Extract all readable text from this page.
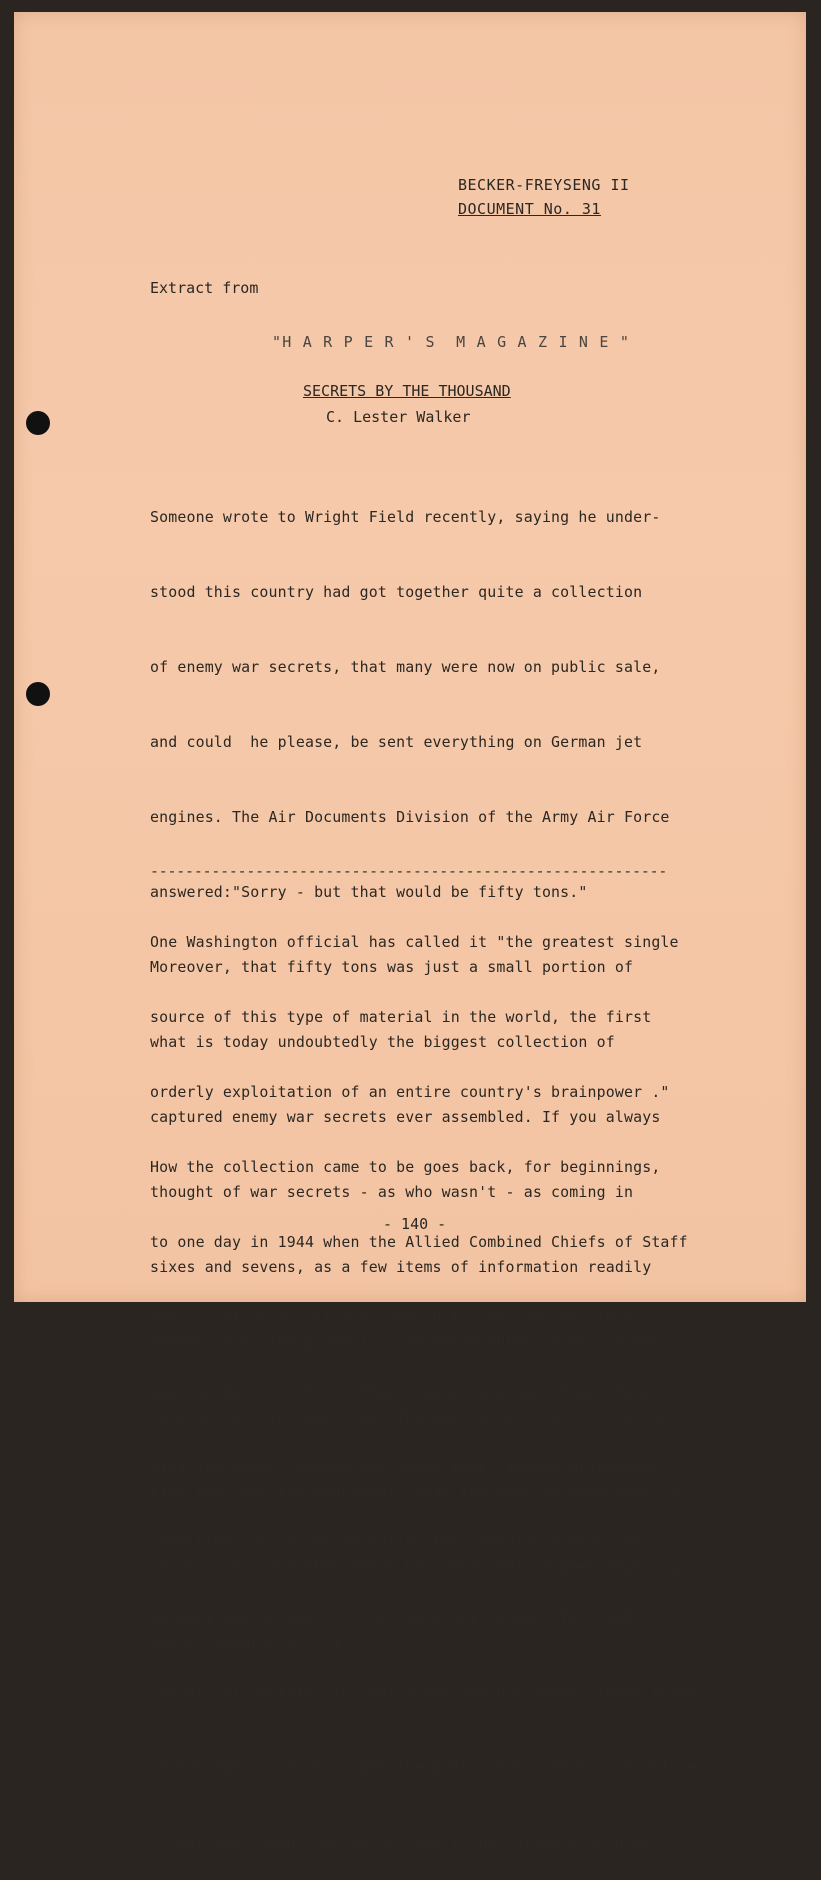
BECKER-FREYSENG II
DOCUMENT No. 31
Extract from
"H A R P E R ' S  M A G A Z I N E "
SECRETS BY THE THOUSAND
C. Lester Walker

Someone wrote to Wright Field recently, saying he under-

stood this country had got together quite a collection

of enemy war secrets, that many were now on public sale,

and could  he please, be sent everything on German jet

engines. The Air Documents Division of the Army Air Force

answered:"Sorry - but that would be fifty tons."

Moreover, that fifty tons was just a small portion of

what is today undoubtedly the biggest collection of

captured enemy war secrets ever assembled. If you always

thought of war secrets - as who wasn't - as coming in

sixes and sevens, as a few items of information readily

handed on to the properly interested authorities, it may

interest you to learn that the war secrets in this collec-

tion run into the thousands, that the mass of documents is

mountainous, and that there has never before been anything

quite comparable to it.

-----------------------------------------------------------

One Washington official has called it "the greatest single

source of this type of material in the world, the first

orderly exploitation of an entire country's brainpower ."

How the collection came to be goes back, for beginnings,

to one day in 1944 when the Allied Combined Chiefs of Staff

set in motion a collossal search for war secrets in occu-

pied German territory. They created a group of military

civilian teams, termed the Joint Intelligence Objectives

Committee, which was to follow the invading armies into

Germany and uncover all her military, scientific, and

industrial secrets  for early use against Japan. These terms

worked against time to get the most vital information before

it was destroyed, and in getting it performed prodigies

- 140 -
